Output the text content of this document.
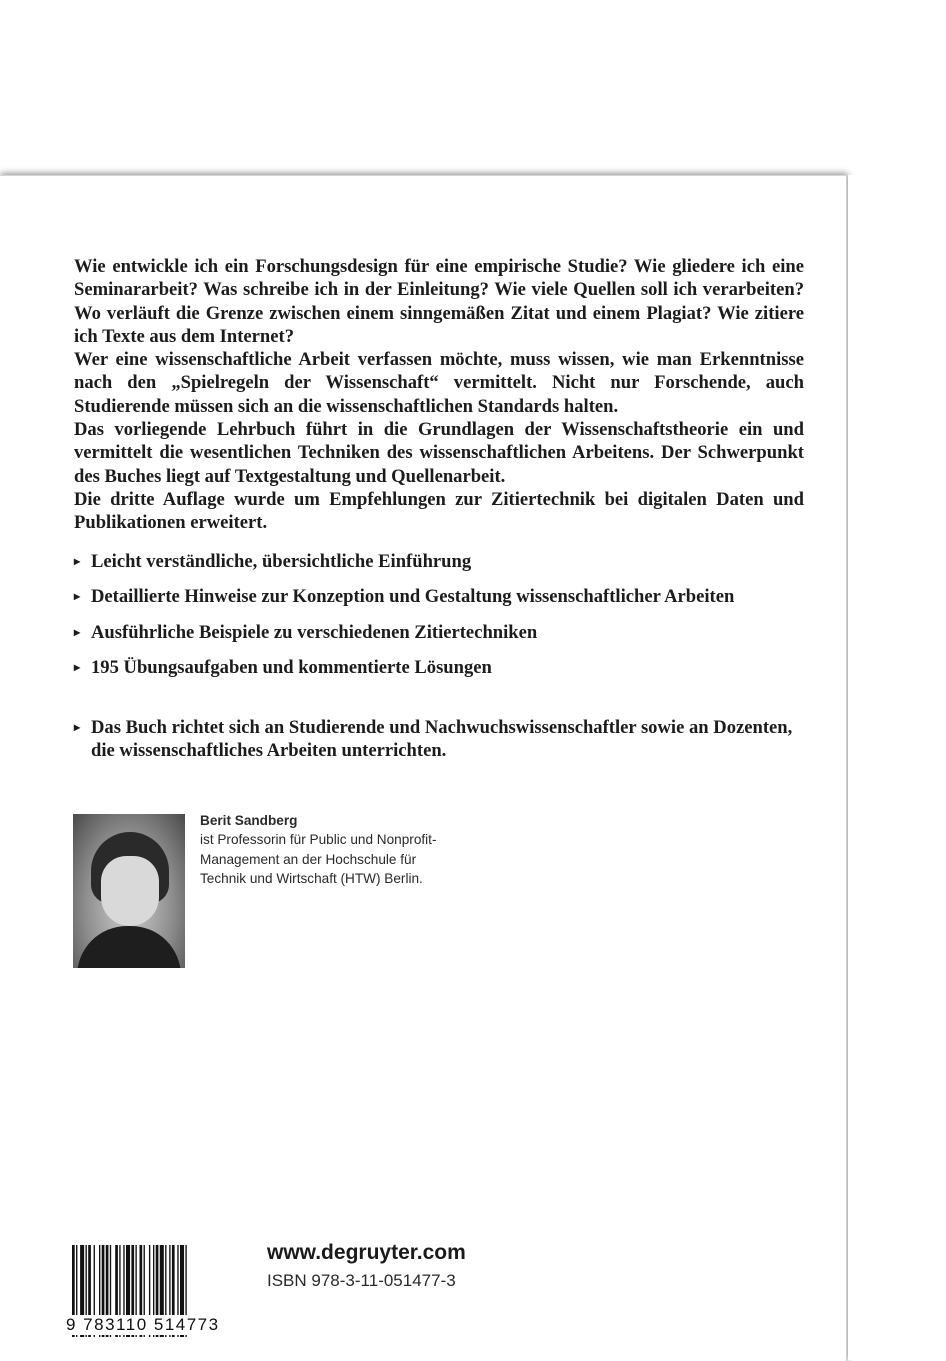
Wie entwickle ich ein Forschungsdesign für eine empirische Studie? Wie gliedere ich eine Seminararbeit? Was schreibe ich in der Einleitung? Wie viele Quellen soll ich verarbeiten? Wo verläuft die Grenze zwischen einem sinngemäßen Zitat und einem Plagiat? Wie zitiere ich Texte aus dem Internet?

Wer eine wissenschaftliche Arbeit verfassen möchte, muss wissen, wie man Erkenntnisse nach den „Spielregeln der Wissenschaft“ vermittelt. Nicht nur Forschende, auch Studierende müssen sich an die wissenschaftlichen Standards halten.

Das vorliegende Lehrbuch führt in die Grundlagen der Wissenschaftstheorie ein und vermittelt die wesentlichen Techniken des wissenschaftlichen Arbeitens. Der Schwerpunkt des Buches liegt auf Textgestaltung und Quellenarbeit.

Die dritte Auflage wurde um Empfehlungen zur Zitiertechnik bei digitalen Daten und Publikationen erweitert.

▸ Leicht verständliche, übersichtliche Einführung
▸ Detaillierte Hinweise zur Konzeption und Gestaltung wissenschaftlicher Arbeiten
▸ Ausführliche Beispiele zu verschiedenen Zitiertechniken
▸ 195 Übungsaufgaben und kommentierte Lösungen
▸ Das Buch richtet sich an Studierende und Nachwuchswissenschaftler sowie an Dozenten, die wissenschaftliches Arbeiten unterrichten.
Berit Sandberg
ist Professorin für Public und Nonprofit-Management an der Hochschule für Technik und Wirtschaft (HTW) Berlin.
9 783110 514773
www.degruyter.com
ISBN 978-3-11-051477-3
